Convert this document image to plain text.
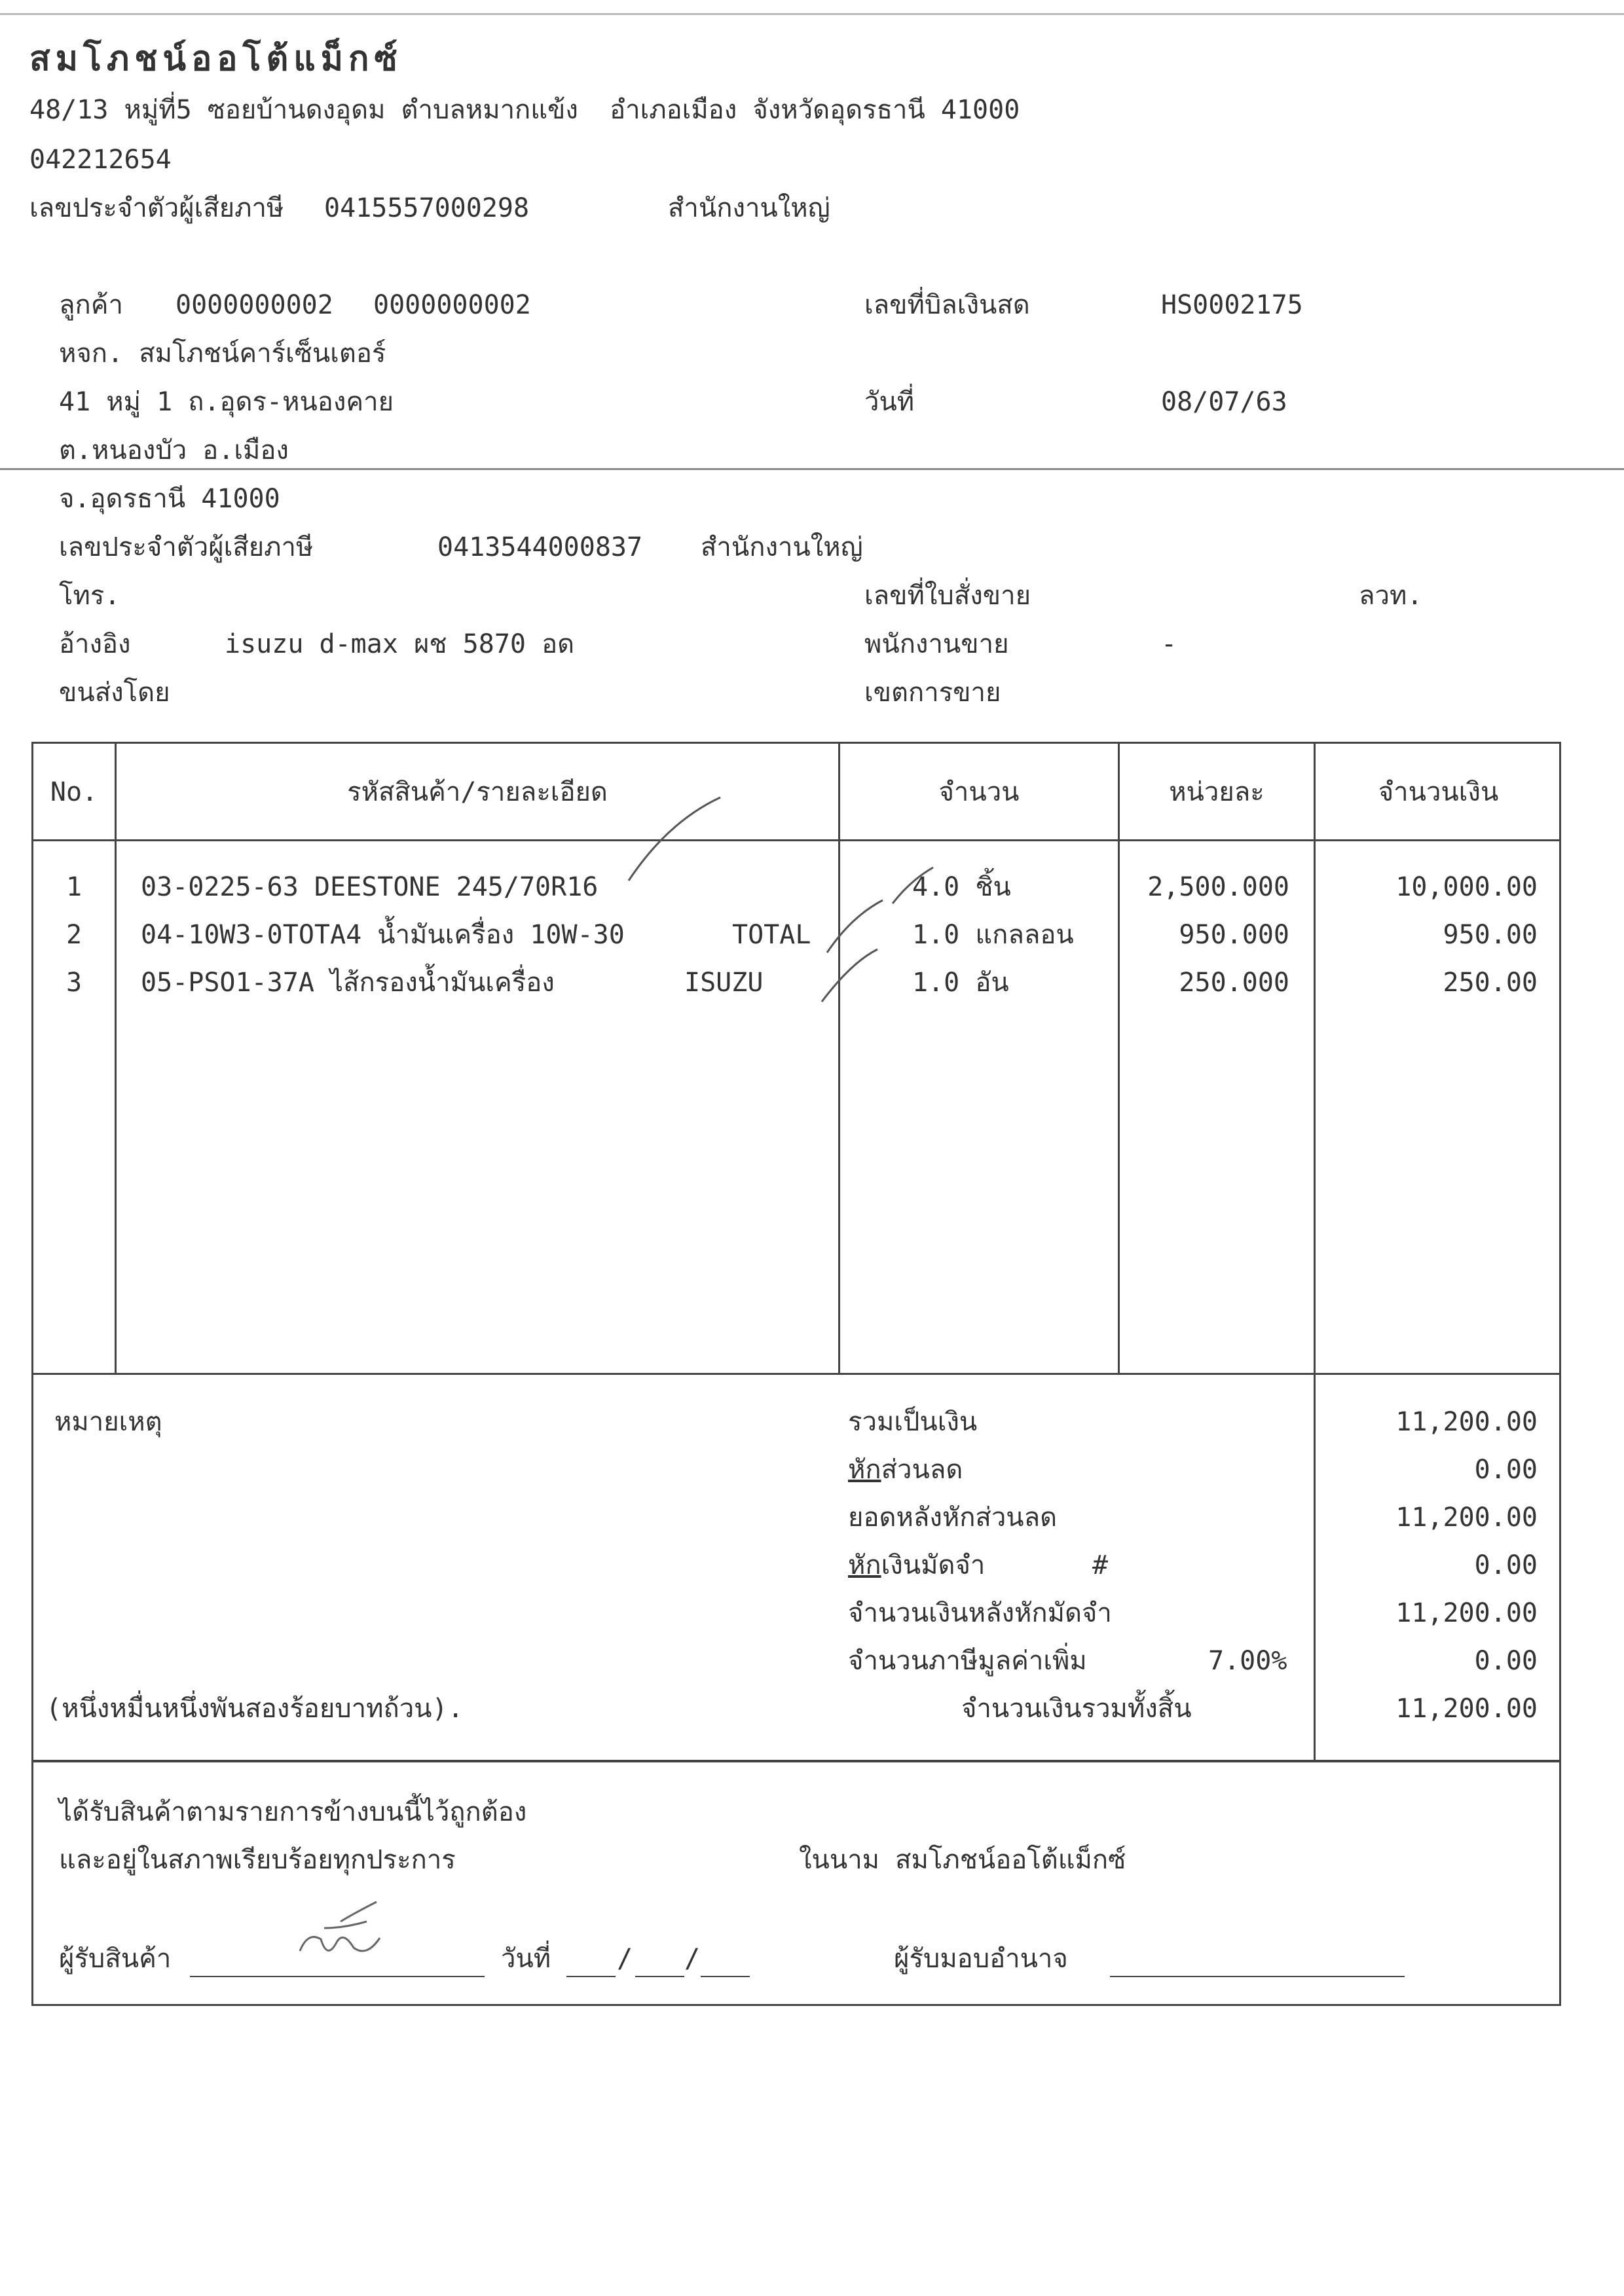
สมโภชน์ออโต้แม็กซ์
48/13 หมู่ที่5 ซอยบ้านดงอุดม ตำบลหมากแข้ง  อำเภอเมือง จังหวัดอุดรธานี 41000
042212654
เลขประจำตัวผู้เสียภาษี 0415557000298	สำนักงานใหญ่
ลูกค้า 0000000002 0000000002
หจก. สมโภชน์คาร์เซ็นเตอร์
41 หมู่ 1 ถ.อุดร-หนองคาย
ต.หนองบัว อ.เมือง
จ.อุดรธานี 41000
เลขประจำตัวผู้เสียภาษี	0413544000837 สำนักงานใหญ่
โทร.
อ้างอิง	isuzu d-max ผช 5870 อด
ขนส่งโดย
เลขที่บิลเงินสด	HS0002175
วันที่	08/07/63
เลขที่ใบสั่งขาย	ลวท.
พนักงานขาย	-
เขตการขาย
No.	รหัสสินค้า/รายละเอียด	จำนวน	หน่วยละ	จำนวนเงิน
1	03-0225-63 DEESTONE 245/70R16	4.0 ชิ้น	2,500.000	10,000.00
2	04-10W3-0TOTA4 น้ำมันเครื่อง 10W-30	TOTAL	1.0 แกลลอน	950.000	950.00
3	05-PSO1-37A ไส้กรองน้ำมันเครื่อง	ISUZU	1.0 อัน	250.000	250.00
หมายเหตุ	รวมเป็นเงิน	11,200.00
หักส่วนลด	0.00
ยอดหลังหักส่วนลด	11,200.00
หักเงินมัดจำ	#	0.00
จำนวนเงินหลังหักมัดจำ	11,200.00
จำนวนภาษีมูลค่าเพิ่ม	7.00%	0.00
(หนึ่งหมื่นหนึ่งพันสองร้อยบาทถ้วน).	จำนวนเงินรวมทั้งสิ้น	11,200.00
ได้รับสินค้าตามรายการข้างบนนี้ไว้ถูกต้อง
และอยู่ในสภาพเรียบร้อยทุกประการ	ในนาม สมโภชน์ออโต้แม็กซ์
ผู้รับสินค้า	วันที่	/ /	ผู้รับมอบอำนาจ
